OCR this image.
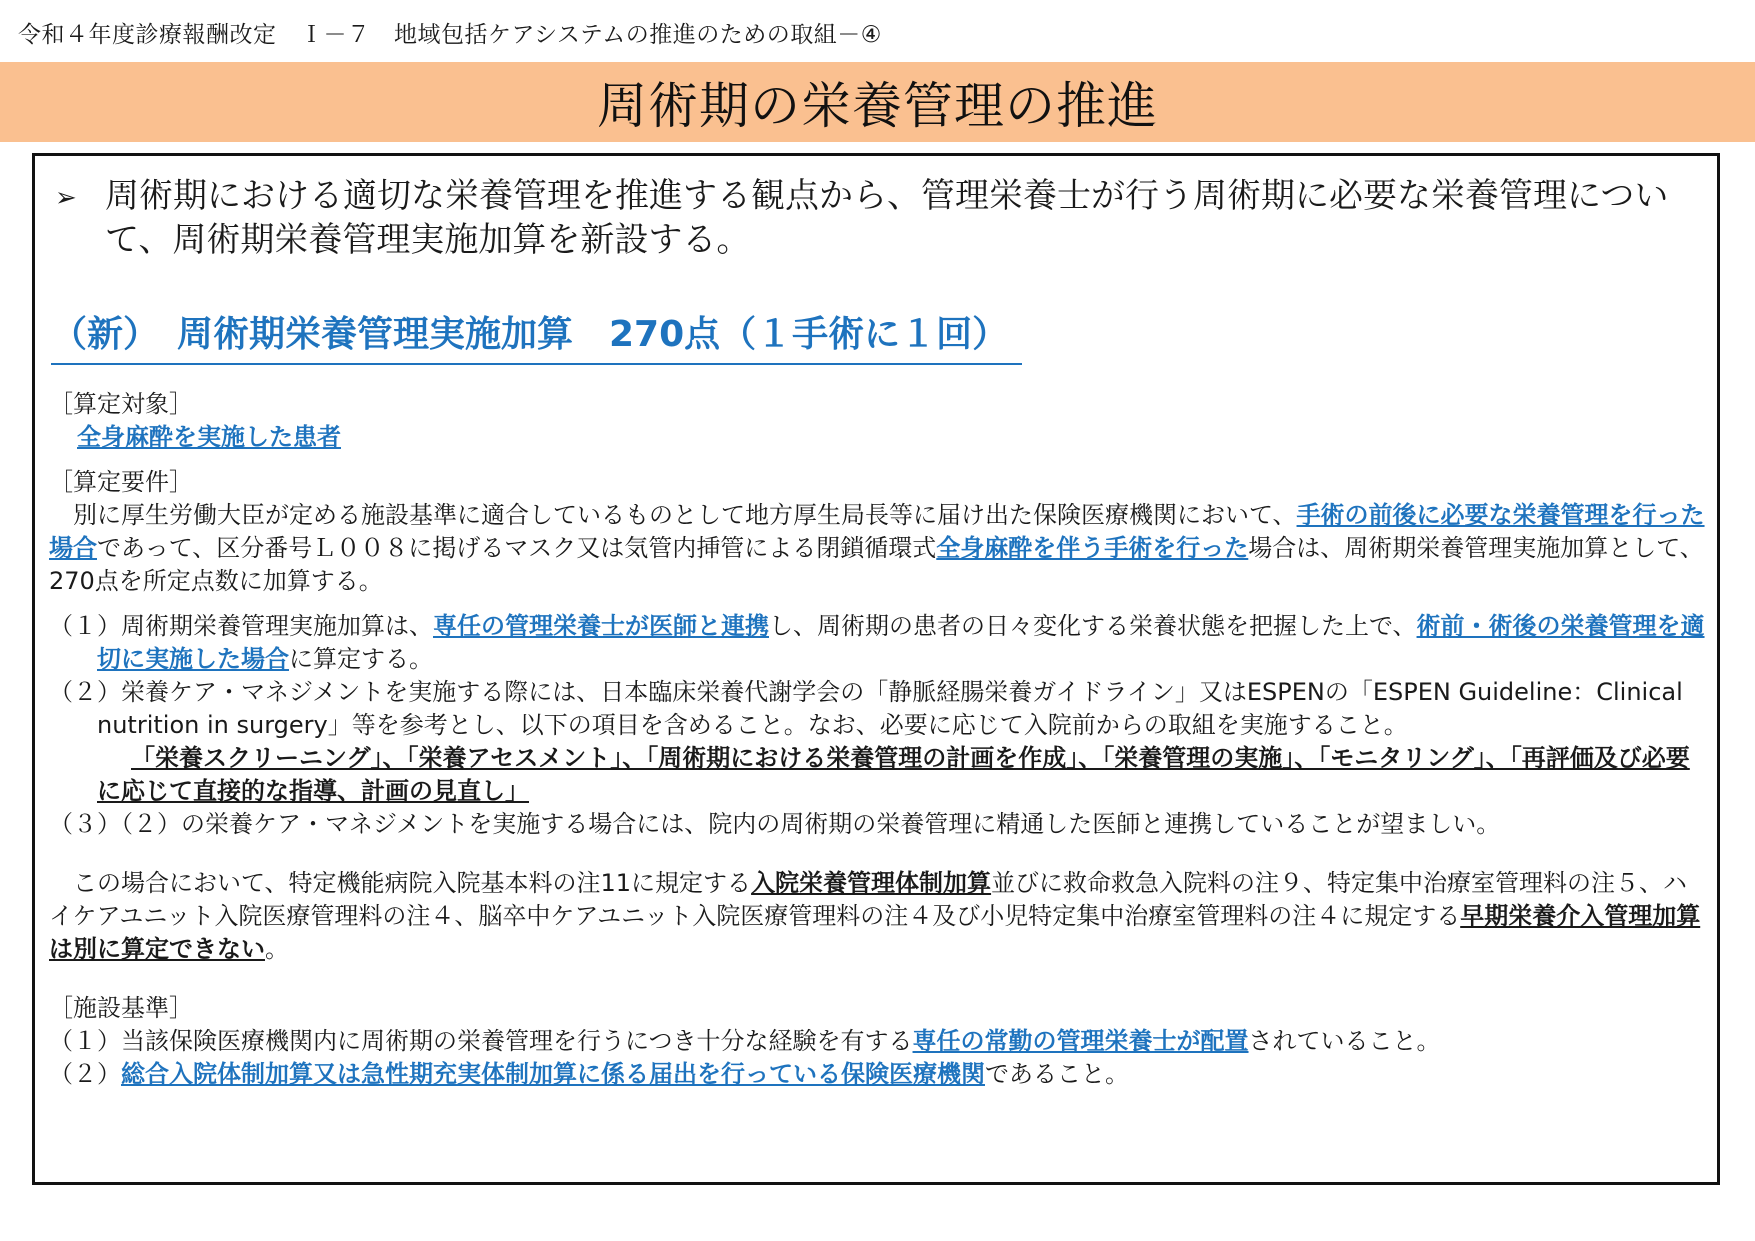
令和４年度診療報酬改定　Ｉ－７　地域包括ケアシステムの推進のための取組－④
周術期の栄養管理の推進
➢ 周術期における適切な栄養管理を推進する観点から、管理栄養士が行う周術期に必要な栄養管理について、周術期栄養管理実施加算を新設する。
（新）　周術期栄養管理実施加算　270点（１手術に１回）
［算定対象］
全身麻酔を実施した患者
［算定要件］
別に厚生労働大臣が定める施設基準に適合しているものとして地方厚生局長等に届け出た保険医療機関において、手術の前後に必要な栄養管理を行った場合であって、区分番号Ｌ００８に掲げるマスク又は気管内挿管による閉鎖循環式全身麻酔を伴う手術を行った場合は、周術期栄養管理実施加算として、270点を所定点数に加算する。
（１）周術期栄養管理実施加算は、専任の管理栄養士が医師と連携し、周術期の患者の日々変化する栄養状態を把握した上で、術前・術後の栄養管理を適切に実施した場合に算定する。
（２）栄養ケア・マネジメントを実施する際には、日本臨床栄養代謝学会の「静脈経腸栄養ガイドライン」又はESPENの「ESPEN Guideline：Clinical nutrition in surgery」等を参考とし、以下の項目を含めること。なお、必要に応じて入院前からの取組を実施すること。
「栄養スクリーニング」、「栄養アセスメント」、「周術期における栄養管理の計画を作成」、「栄養管理の実施」、「モニタリング」、「再評価及び必要に応じて直接的な指導、計画の見直し」
（３）（２）の栄養ケア・マネジメントを実施する場合には、院内の周術期の栄養管理に精通した医師と連携していることが望ましい。
この場合において、特定機能病院入院基本料の注11に規定する入院栄養管理体制加算並びに救命救急入院料の注９、特定集中治療室管理料の注５、ハイケアユニット入院医療管理料の注４、脳卒中ケアユニット入院医療管理料の注４及び小児特定集中治療室管理料の注４に規定する早期栄養介入管理加算は別に算定できない。
［施設基準］
（１）当該保険医療機関内に周術期の栄養管理を行うにつき十分な経験を有する専任の常勤の管理栄養士が配置されていること。
（２）総合入院体制加算又は急性期充実体制加算に係る届出を行っている保険医療機関であること。
